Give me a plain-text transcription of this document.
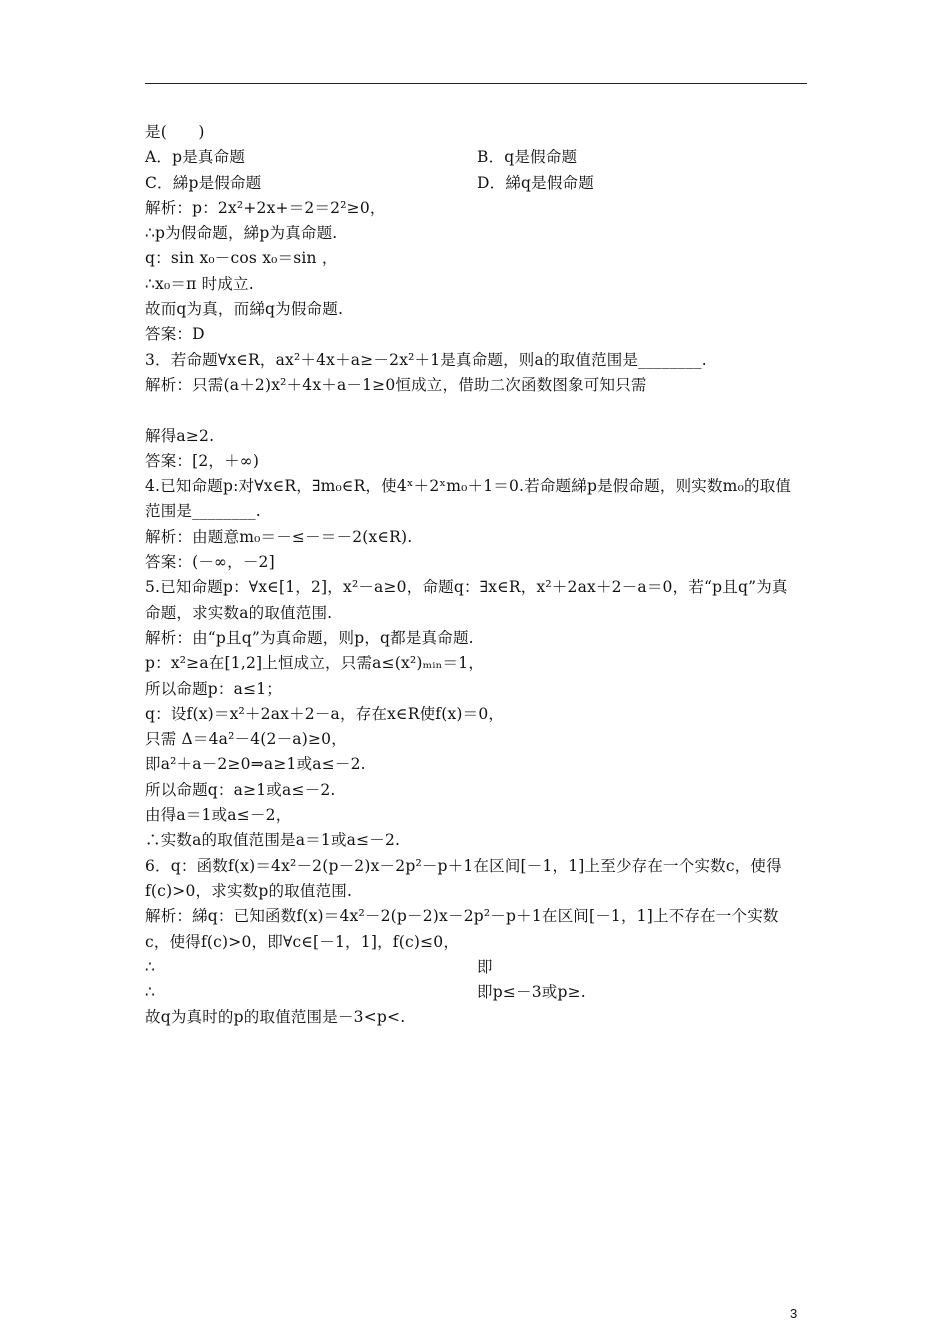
是(　　)
A．p是真命题	B．q是假命题
C．綈p是假命题	D．綈q是假命题
解析：p：2x²+2x+＝2＝2²≥0，
∴p为假命题，綈p为真命题.
q：sin x₀－cos x₀＝sin ，
∴x₀＝π 时成立.
故而q为真，而綈q为假命题.
答案：D
3．若命题∀x∈R，ax²＋4x＋a≥－2x²＋1是真命题，则a的取值范围是________.
解析：只需(a＋2)x²＋4x＋a－1≥0恒成立，借助二次函数图象可知只需
解得a≥2.
答案：[2，＋∞)
4.已知命题p:对∀x∈R，∃m₀∈R，使4ˣ＋2ˣm₀＋1＝0.若命题綈p是假命题，则实数m₀的取值
范围是________.
解析：由题意m₀＝－≤－＝－2(x∈R).
答案：(－∞，－2]
5.已知命题p：∀x∈[1，2]，x²－a≥0，命题q：∃x∈R，x²＋2ax＋2－a＝0，若“p且q”为真
命题，求实数a的取值范围.
解析：由“p且q”为真命题，则p，q都是真命题.
p：x²≥a在[1,2]上恒成立，只需a≤(x²)ₘᵢₙ＝1，
所以命题p：a≤1；
q：设f(x)＝x²＋2ax＋2－a，存在x∈R使f(x)＝0，
只需 Δ＝4a²－4(2－a)≥0，
即a²＋a－2≥0⇒a≥1或a≤－2.
所以命题q：a≥1或a≤－2.
由得a＝1或a≤－2，
∴实数a的取值范围是a＝1或a≤－2.
6．q：函数f(x)＝4x²－2(p－2)x－2p²－p＋1在区间[－1，1]上至少存在一个实数c，使得
f(c)>0，求实数p的取值范围.
解析：綈q：已知函数f(x)＝4x²－2(p－2)x－2p²－p＋1在区间[－1，1]上不存在一个实数
c，使得f(c)>0，即∀c∈[－1，1]，f(c)≤0，
∴	即
∴	即p≤－3或p≥.
故q为真时的p的取值范围是－3<p<.
3
